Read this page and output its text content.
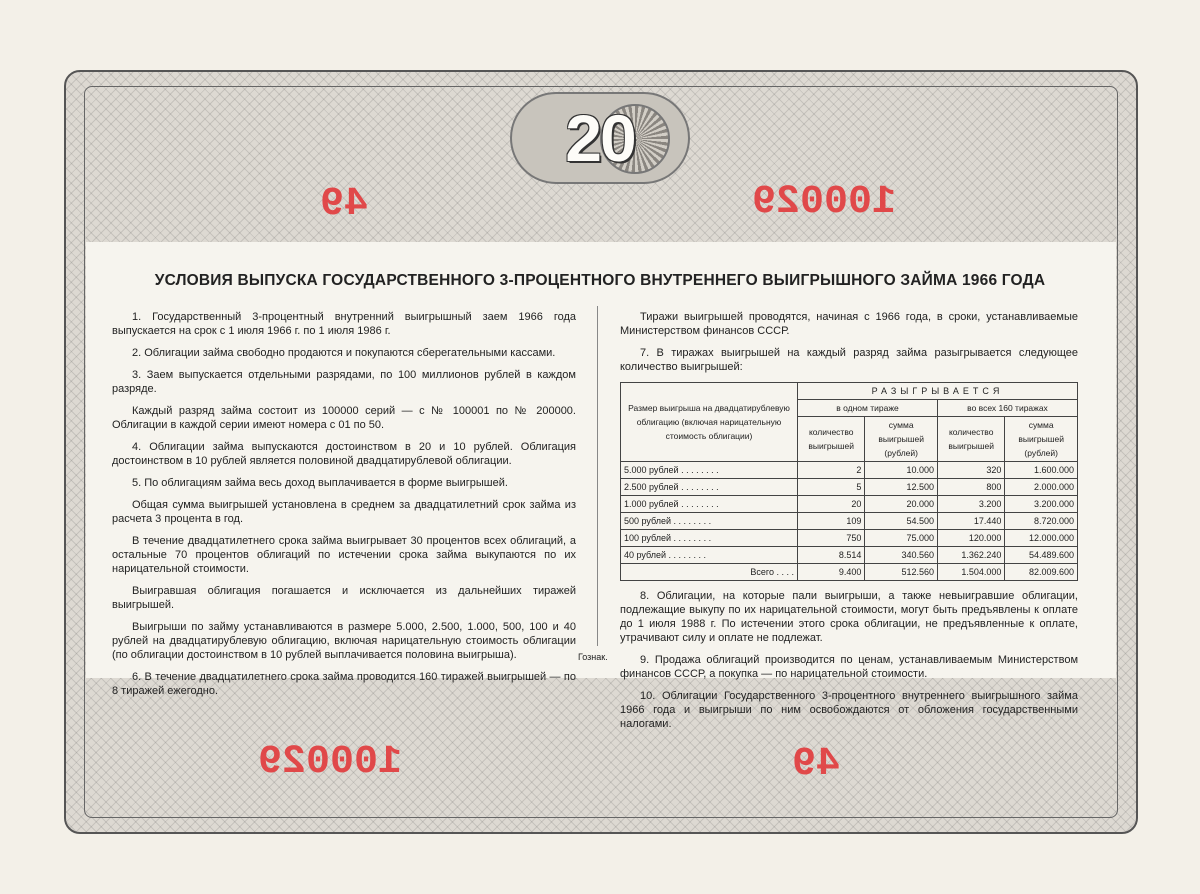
20
49	100029
УСЛОВИЯ ВЫПУСКА ГОСУДАРСТВЕННОГО 3-ПРОЦЕНТНОГО ВНУТРЕННЕГО ВЫИГРЫШНОГО ЗАЙМА 1966 ГОДА

1. Государственный 3-процентный внутренний выигрышный заем 1966 года выпускается на срок с 1 июля 1966 г. по 1 июля 1986 г.

2. Облигации займа свободно продаются и покупаются сберегательными кассами.

3. Заем выпускается отдельными разрядами, по 100 миллионов рублей в каждом разряде.

Каждый разряд займа состоит из 100000 серий — с № 100001 по № 200000. Облигации в каждой серии имеют номера с 01 по 50.

4. Облигации займа выпускаются достоинством в 20 и 10 рублей. Облигация достоинством в 10 рублей является половиной двадцатирублевой облигации.

5. По облигациям займа весь доход выплачивается в форме выигрышей.

Общая сумма выигрышей установлена в среднем за двадцатилетний срок займа из расчета 3 процента в год.

В течение двадцатилетнего срока займа выигрывает 30 процентов всех облигаций, а остальные 70 процентов облигаций по истечении срока займа выкупаются по их нарицательной стоимости.

Выигравшая облигация погашается и исключается из дальнейших тиражей выигрышей.

Выигрыши по займу устанавливаются в размере 5.000, 2.500, 1.000, 500, 100 и 40 рублей на двадцатирублевую облигацию, включая нарицательную стоимость облигации (по облигации достоинством в 10 рублей выплачивается половина выигрыша).

6. В течение двадцатилетнего срока займа проводится 160 тиражей выигрышей — по 8 тиражей ежегодно.

Тиражи выигрышей проводятся, начиная с 1966 года, в сроки, устанавливаемые Министерством финансов СССР.

7. В тиражах выигрышей на каждый разряд займа разыгрывается следующее количество выигрышей:

Размер выигрыша на двадцатирублевую облигацию (включая нарицательную стоимость облигации)	РАЗЫГРЫВАЕТСЯ			
	в одном тираже		во всех 160 тиражах	
	количество выигрышей	сумма выигрышей (рублей)	количество выигрышей	сумма выигрышей (рублей)
5.000 рублей . . . . . . . .	2	10.000	320	1.600.000
2.500 рублей . . . . . . . .	5	12.500	800	2.000.000
1.000 рублей . . . . . . . .	20	20.000	3.200	3.200.000
500 рублей . . . . . . . .	109	54.500	17.440	8.720.000
100 рублей . . . . . . . .	750	75.000	120.000	12.000.000
40 рублей . . . . . . . .	8.514	340.560	1.362.240	54.489.600
Всего . . . .	9.400	512.560	1.504.000	82.009.600

8. Облигации, на которые пали выигрыши, а также невыигравшие облигации, подлежащие выкупу по их нарицательной стоимости, могут быть предъявлены к оплате до 1 июля 1988 г. По истечении этого срока облигации, не предъявленные к оплате, утрачивают силу и оплате не подлежат.

9. Продажа облигаций производится по ценам, устанавливаемым Министерством финансов СССР, а покупка — по нарицательной стоимости.

10. Облигации Государственного 3-процентного внутреннего выигрышного займа 1966 года и выигрыши по ним освобождаются от обложения государственными налогами.

Гознак.
100029	49
